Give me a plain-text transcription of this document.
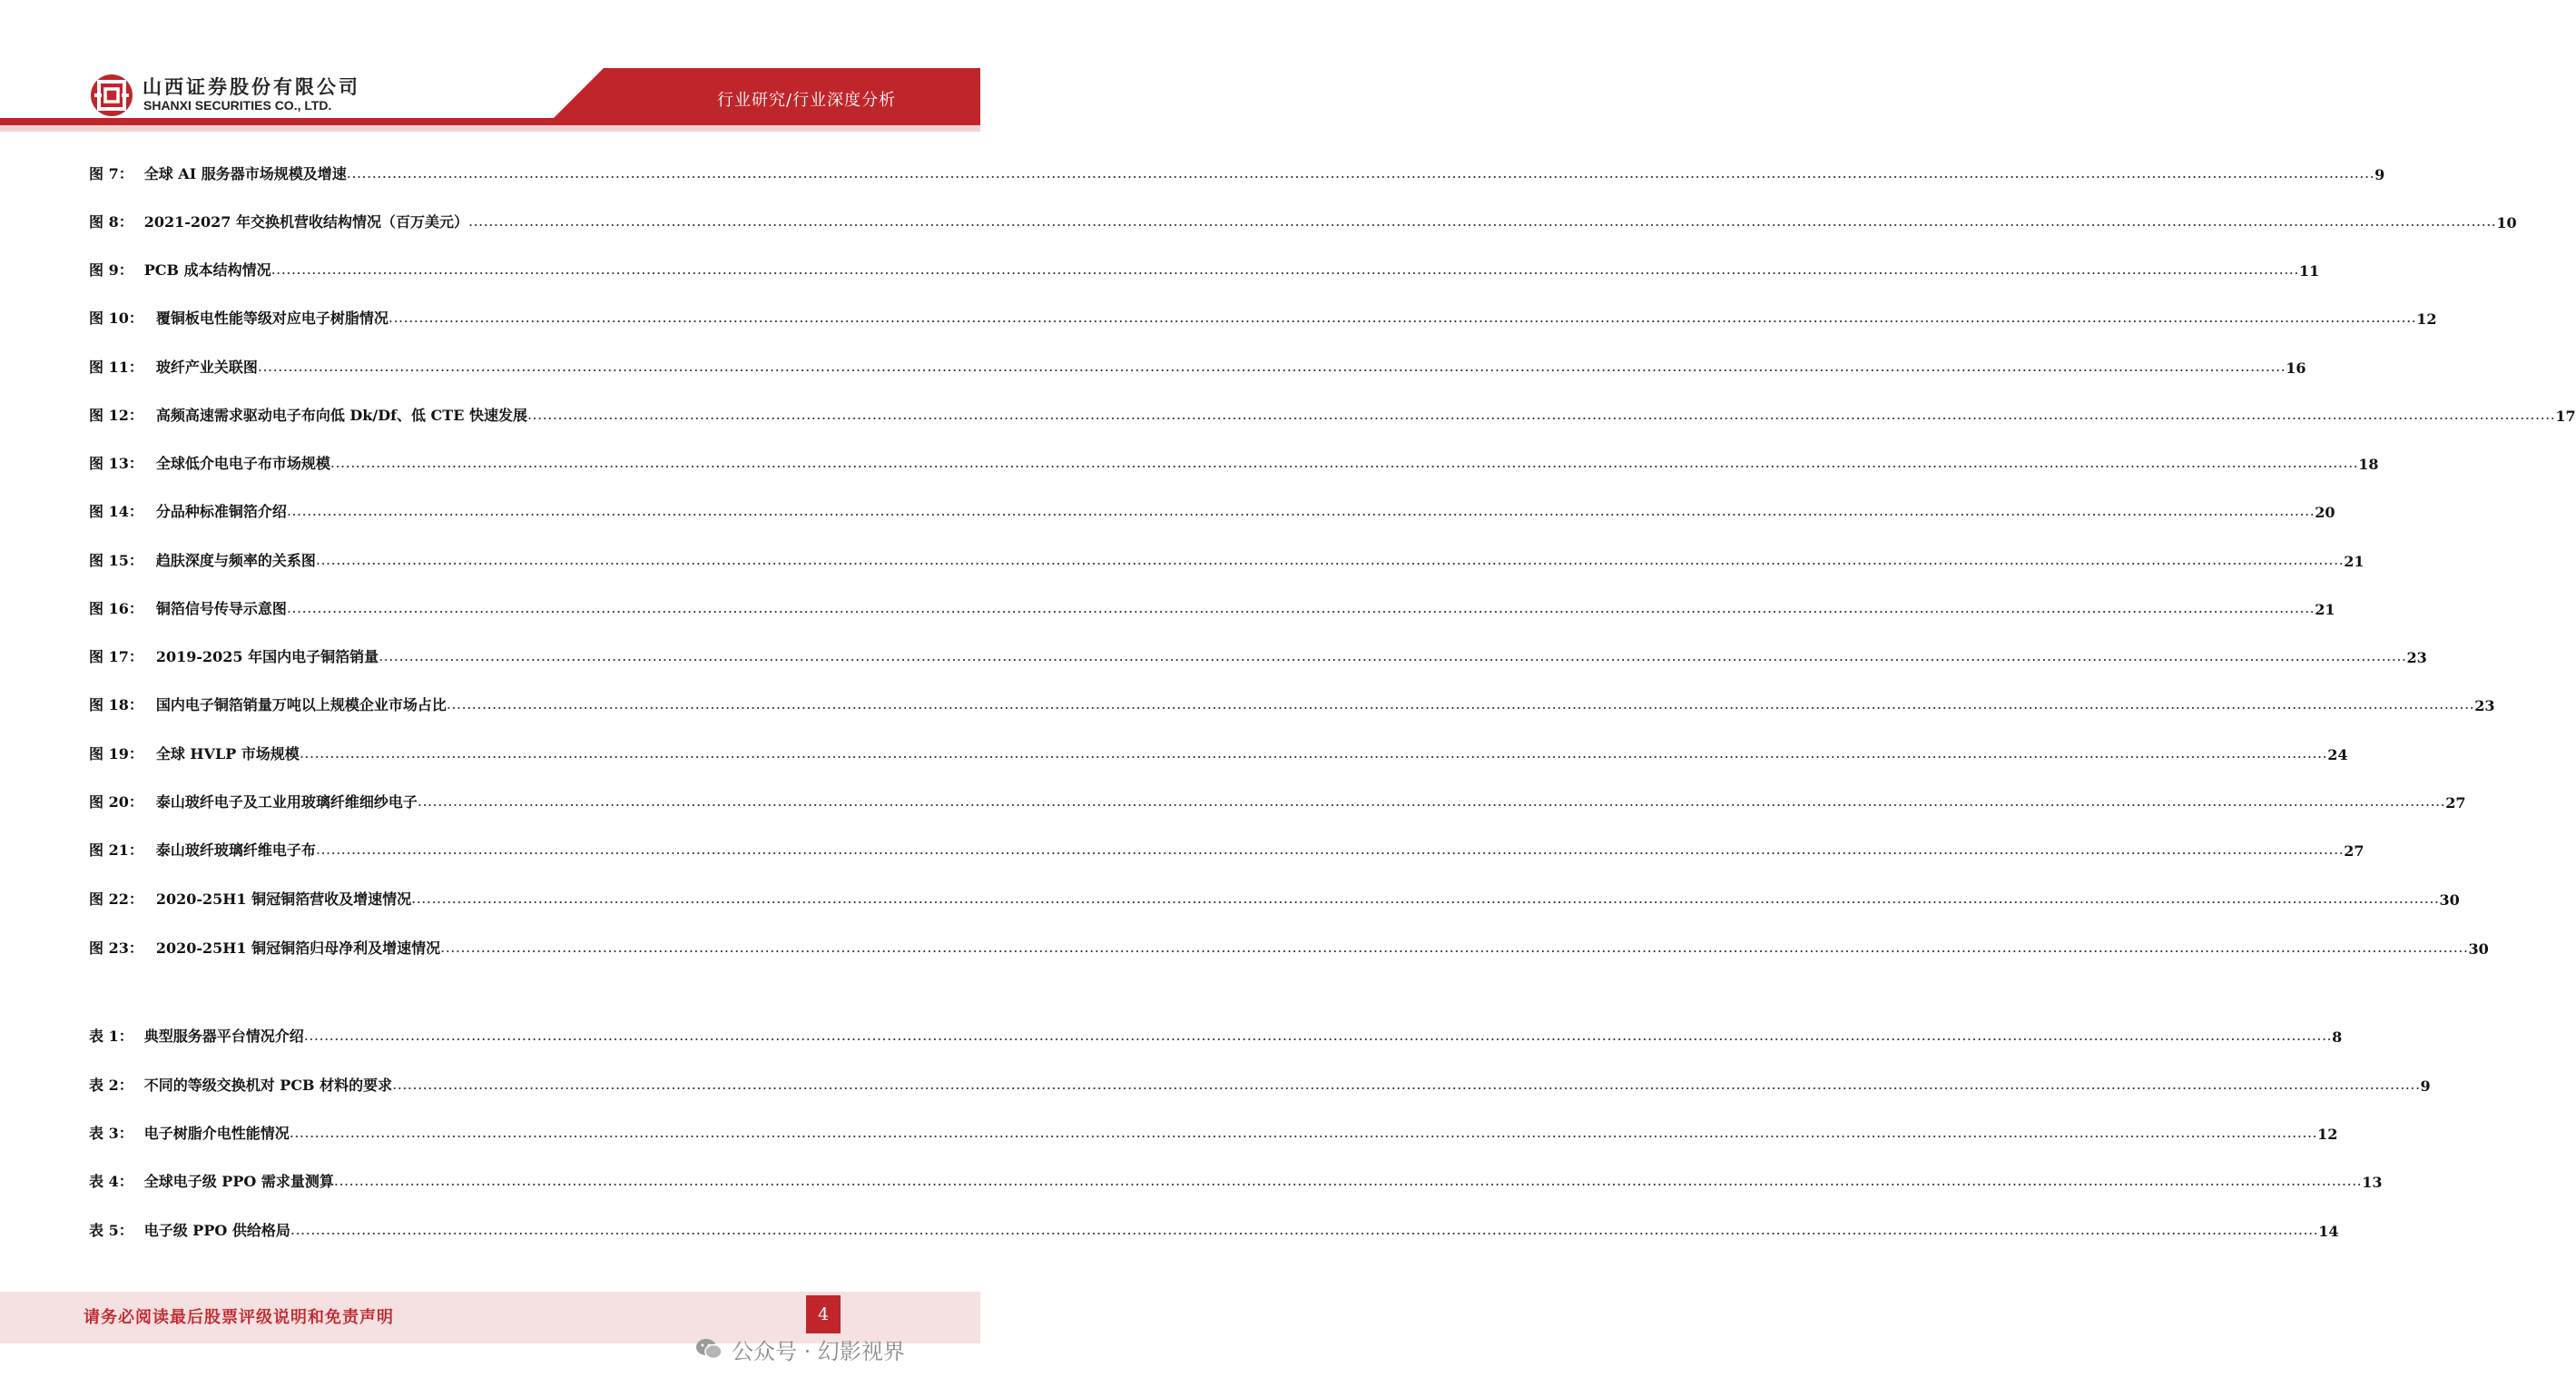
山西证券股份有限公司
SHANXI SECURITIES CO., LTD.	行业研究/行业深度分析
图 7： 全球 AI 服务器市场规模及增速 ................................................................................................................................................................................................................................................................................................................................................................................................................ 9
图 8： 2021-2027 年交换机营收结构情况（百万美元） ................................................................................................................................................................................................................................................................................................................................................................................................................ 10
图 9： PCB 成本结构情况 ................................................................................................................................................................................................................................................................................................................................................................................................................ 11
图 10： 覆铜板电性能等级对应电子树脂情况 ................................................................................................................................................................................................................................................................................................................................................................................................................ 12
图 11： 玻纤产业关联图 ................................................................................................................................................................................................................................................................................................................................................................................................................ 16
图 12： 高频高速需求驱动电子布向低 Dk/Df、低 CTE 快速发展 ................................................................................................................................................................................................................................................................................................................................................................................................................ 17
图 13： 全球低介电电子布市场规模 ................................................................................................................................................................................................................................................................................................................................................................................................................ 18
图 14： 分品种标准铜箔介绍 ................................................................................................................................................................................................................................................................................................................................................................................................................ 20
图 15： 趋肤深度与频率的关系图 ................................................................................................................................................................................................................................................................................................................................................................................................................ 21
图 16： 铜箔信号传导示意图 ................................................................................................................................................................................................................................................................................................................................................................................................................ 21
图 17： 2019-2025 年国内电子铜箔销量 ................................................................................................................................................................................................................................................................................................................................................................................................................ 23
图 18： 国内电子铜箔销量万吨以上规模企业市场占比 ................................................................................................................................................................................................................................................................................................................................................................................................................ 23
图 19： 全球 HVLP 市场规模 ................................................................................................................................................................................................................................................................................................................................................................................................................ 24
图 20： 泰山玻纤电子及工业用玻璃纤维细纱电子 ................................................................................................................................................................................................................................................................................................................................................................................................................ 27
图 21： 泰山玻纤玻璃纤维电子布 ................................................................................................................................................................................................................................................................................................................................................................................................................ 27
图 22： 2020-25H1 铜冠铜箔营收及增速情况 ................................................................................................................................................................................................................................................................................................................................................................................................................ 30
图 23： 2020-25H1 铜冠铜箔归母净利及增速情况 ................................................................................................................................................................................................................................................................................................................................................................................................................ 30
表 1： 典型服务器平台情况介绍 ................................................................................................................................................................................................................................................................................................................................................................................................................ 8
表 2： 不同的等级交换机对 PCB 材料的要求 ................................................................................................................................................................................................................................................................................................................................................................................................................ 9
表 3： 电子树脂介电性能情况 ................................................................................................................................................................................................................................................................................................................................................................................................................ 12
表 4： 全球电子级 PPO 需求量测算 ................................................................................................................................................................................................................................................................................................................................................................................................................ 13
表 5： 电子级 PPO 供给格局 ................................................................................................................................................................................................................................................................................................................................................................................................................ 14
请务必阅读最后股票评级说明和免责声明	4
公众号 · 幻影视界
